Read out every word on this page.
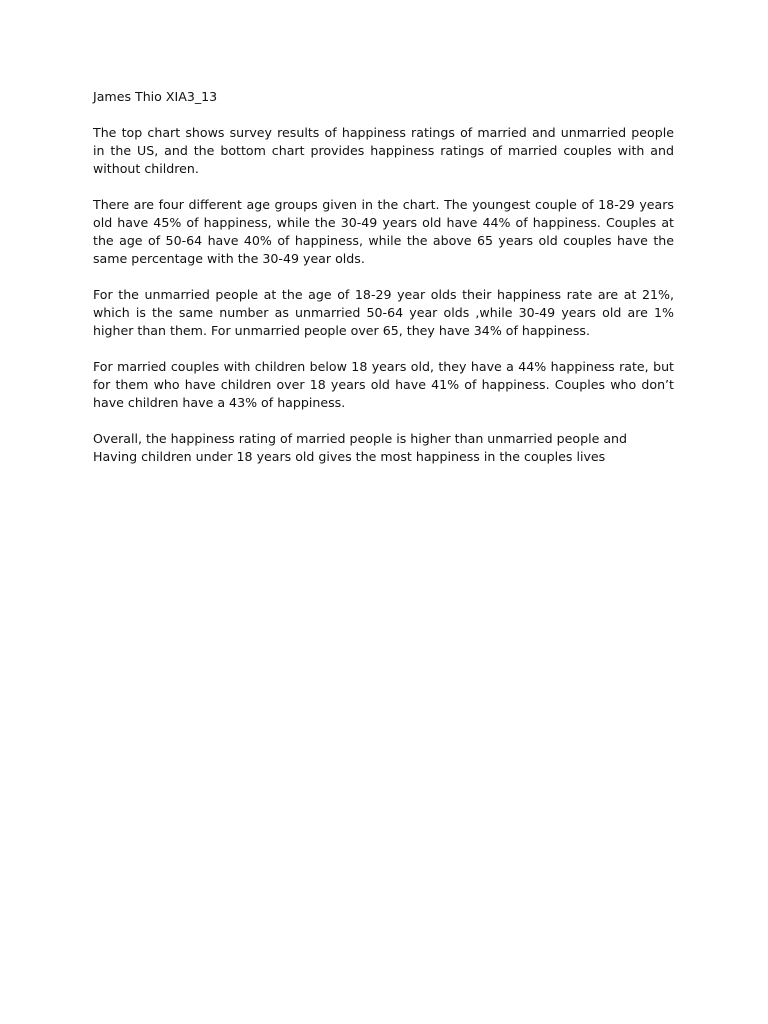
James Thio XIA3_13

The top chart shows survey results of happiness ratings of married and unmarried people in the US, and the bottom chart provides happiness ratings of married couples with and without children.

There are four different age groups given in the chart. The youngest couple of 18-29 years old have 45% of happiness, while the 30-49 years old have 44% of happiness. Couples at the age of 50-64 have 40% of happiness, while the above 65 years old couples have the same percentage with the 30-49 year olds.

For the unmarried people at the age of 18-29 year olds their happiness rate are at 21%, which is the same number as unmarried 50-64 year olds ,while 30-49 years old are 1% higher than them. For unmarried people over 65, they have 34% of happiness.

For married couples with children below 18 years old, they have a 44% happiness rate, but for them who have children over 18 years old have 41% of happiness. Couples who don’t have children have a 43% of happiness.

Overall, the happiness rating of married people is higher than unmarried people and Having children under 18 years old gives the most happiness in the couples lives
